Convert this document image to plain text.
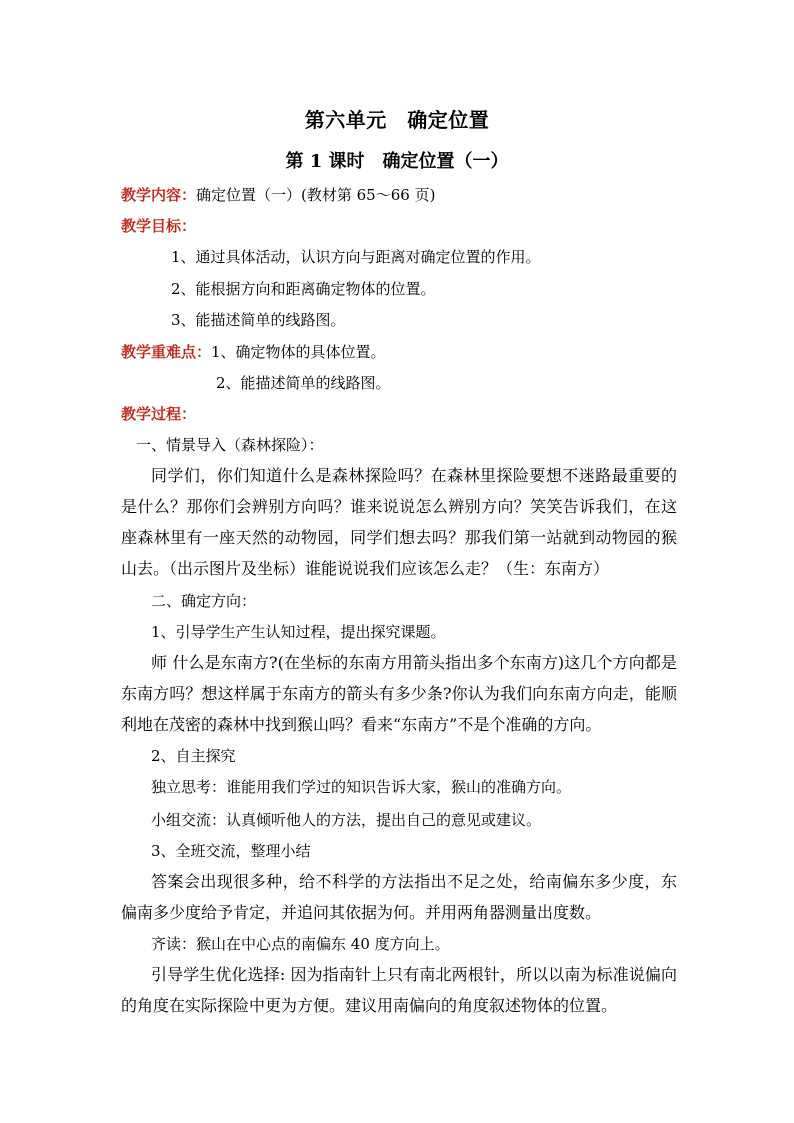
第六单元　确定位置
第 1 课时　确定位置（一）
教学内容：确定位置（一）(教材第 65～66 页)
教学目标：
1、通过具体活动，认识方向与距离对确定位置的作用。
2、能根据方向和距离确定物体的位置。
3、能描述简单的线路图。
教学重难点：1、确定物体的具体位置。
2、能描述简单的线路图。
教学过程：
一、情景导入（森林探险）：
同学们，你们知道什么是森林探险吗？在森林里探险要想不迷路最重要的是什么？那你们会辨别方向吗？谁来说说怎么辨别方向？笑笑告诉我们，在这座森林里有一座天然的动物园，同学们想去吗？那我们第一站就到动物园的猴山去。（出示图片及坐标）谁能说说我们应该怎么走？（生：东南方）
二、确定方向：
1、引导学生产生认知过程，提出探究课题。
师 什么是东南方?(在坐标的东南方用箭头指出多个东南方)这几个方向都是东南方吗？想这样属于东南方的箭头有多少条?你认为我们向东南方向走，能顺利地在茂密的森林中找到猴山吗？看来“东南方”不是个准确的方向。
2、自主探究
独立思考：谁能用我们学过的知识告诉大家，猴山的准确方向。
小组交流：认真倾听他人的方法，提出自己的意见或建议。
3、全班交流，整理小结
答案会出现很多种，给不科学的方法指出不足之处，给南偏东多少度，东偏南多少度给予肯定，并追问其依据为何。并用两角器测量出度数。
齐读：猴山在中心点的南偏东 40 度方向上。
引导学生优化选择: 因为指南针上只有南北两根针，所以以南为标准说偏向的角度在实际探险中更为方便。建议用南偏向的角度叙述物体的位置。
